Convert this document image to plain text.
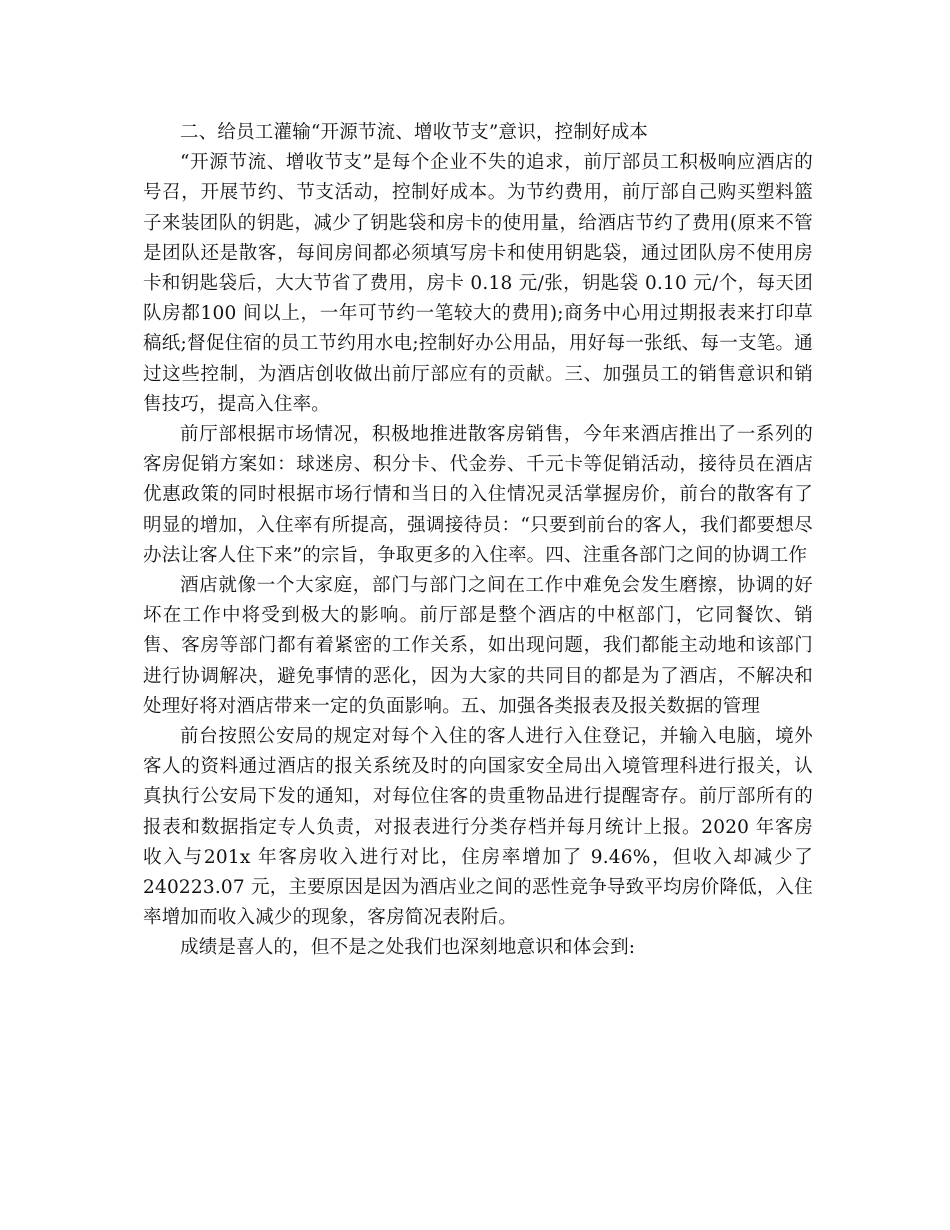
二、给员工灌输“开源节流、增收节支”意识，控制好成本

“开源节流、增收节支”是每个企业不失的追求，前厅部员工积极响应酒店的号召，开展节约、节支活动，控制好成本。为节约费用，前厅部自己购买塑料篮子来装团队的钥匙，减少了钥匙袋和房卡的使用量，给酒店节约了费用(原来不管是团队还是散客，每间房间都必须填写房卡和使用钥匙袋，通过团队房不使用房卡和钥匙袋后，大大节省了费用，房卡 0.18 元/张，钥匙袋 0.10 元/个，每天团队房都100 间以上，一年可节约一笔较大的费用);商务中心用过期报表来打印草稿纸;督促住宿的员工节约用水电;控制好办公用品，用好每一张纸、每一支笔。通过这些控制，为酒店创收做出前厅部应有的贡献。三、加强员工的销售意识和销售技巧，提高入住率。

前厅部根据市场情况，积极地推进散客房销售，今年来酒店推出了一系列的客房促销方案如：球迷房、积分卡、代金券、千元卡等促销活动，接待员在酒店优惠政策的同时根据市场行情和当日的入住情况灵活掌握房价，前台的散客有了明显的增加，入住率有所提高，强调接待员：“只要到前台的客人，我们都要想尽办法让客人住下来”的宗旨，争取更多的入住率。四、注重各部门之间的协调工作

酒店就像一个大家庭，部门与部门之间在工作中难免会发生磨擦，协调的好坏在工作中将受到极大的影响。前厅部是整个酒店的中枢部门，它同餐饮、销售、客房等部门都有着紧密的工作关系，如出现问题，我们都能主动地和该部门进行协调解决，避免事情的恶化，因为大家的共同目的都是为了酒店，不解决和处理好将对酒店带来一定的负面影响。五、加强各类报表及报关数据的管理

前台按照公安局的规定对每个入住的客人进行入住登记，并输入电脑，境外客人的资料通过酒店的报关系统及时的向国家安全局出入境管理科进行报关，认真执行公安局下发的通知，对每位住客的贵重物品进行提醒寄存。前厅部所有的报表和数据指定专人负责，对报表进行分类存档并每月统计上报。2020 年客房收入与201x 年客房收入进行对比，住房率增加了 9.46%，但收入却减少了 240223.07 元，主要原因是因为酒店业之间的恶性竞争导致平均房价降低，入住率增加而收入减少的现象，客房简况表附后。

成绩是喜人的，但不是之处我们也深刻地意识和体会到:
